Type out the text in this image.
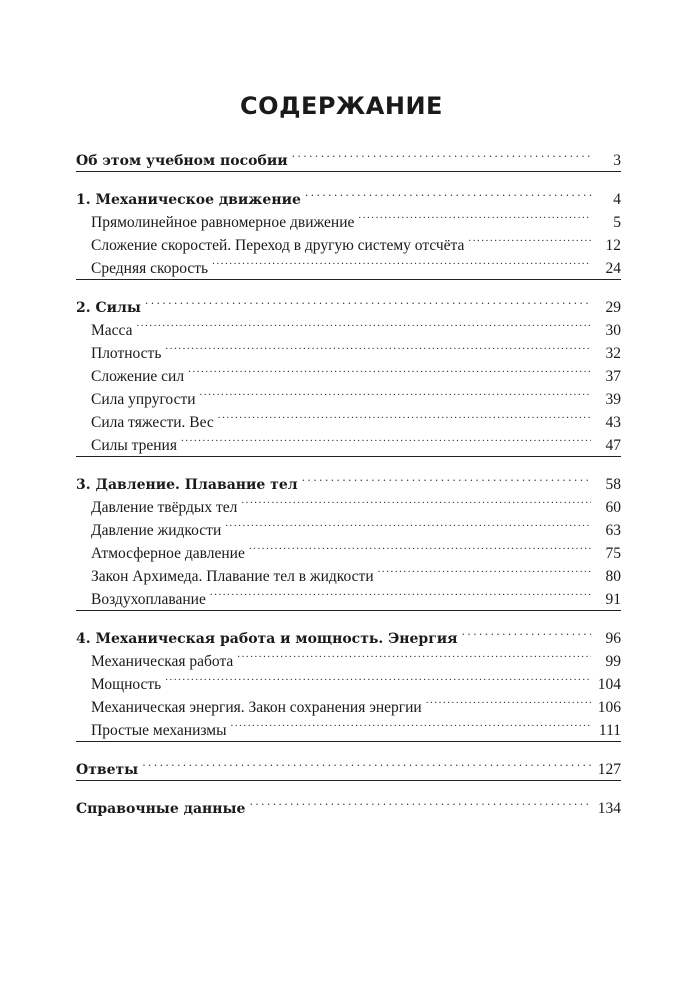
СОДЕРЖАНИЕ
Об этом учебном пособии . . .	3
1. Механическое движение . . .	4
Прямолинейное равномерное движение . . .	5
Сложение скоростей. Переход в другую систему отсчёта . . .	12
Средняя скорость . . .	24
2. Силы . . .	29
Масса . . .	30
Плотность . . .	32
Сложение сил . . .	37
Сила упругости . . .	39
Сила тяжести. Вес . . .	43
Силы трения . . .	47
3. Давление. Плавание тел . . .	58
Давление твёрдых тел . . .	60
Давление жидкости . . .	63
Атмосферное давление . . .	75
Закон Архимеда. Плавание тел в жидкости . . .	80
Воздухоплавание . . .	91
4. Механическая работа и мощность. Энергия . . .	96
Механическая работа . . .	99
Мощность . . .	104
Механическая энергия. Закон сохранения энергии . . .	106
Простые механизмы . . .	111
Ответы . . .	127
Справочные данные . . .	134
